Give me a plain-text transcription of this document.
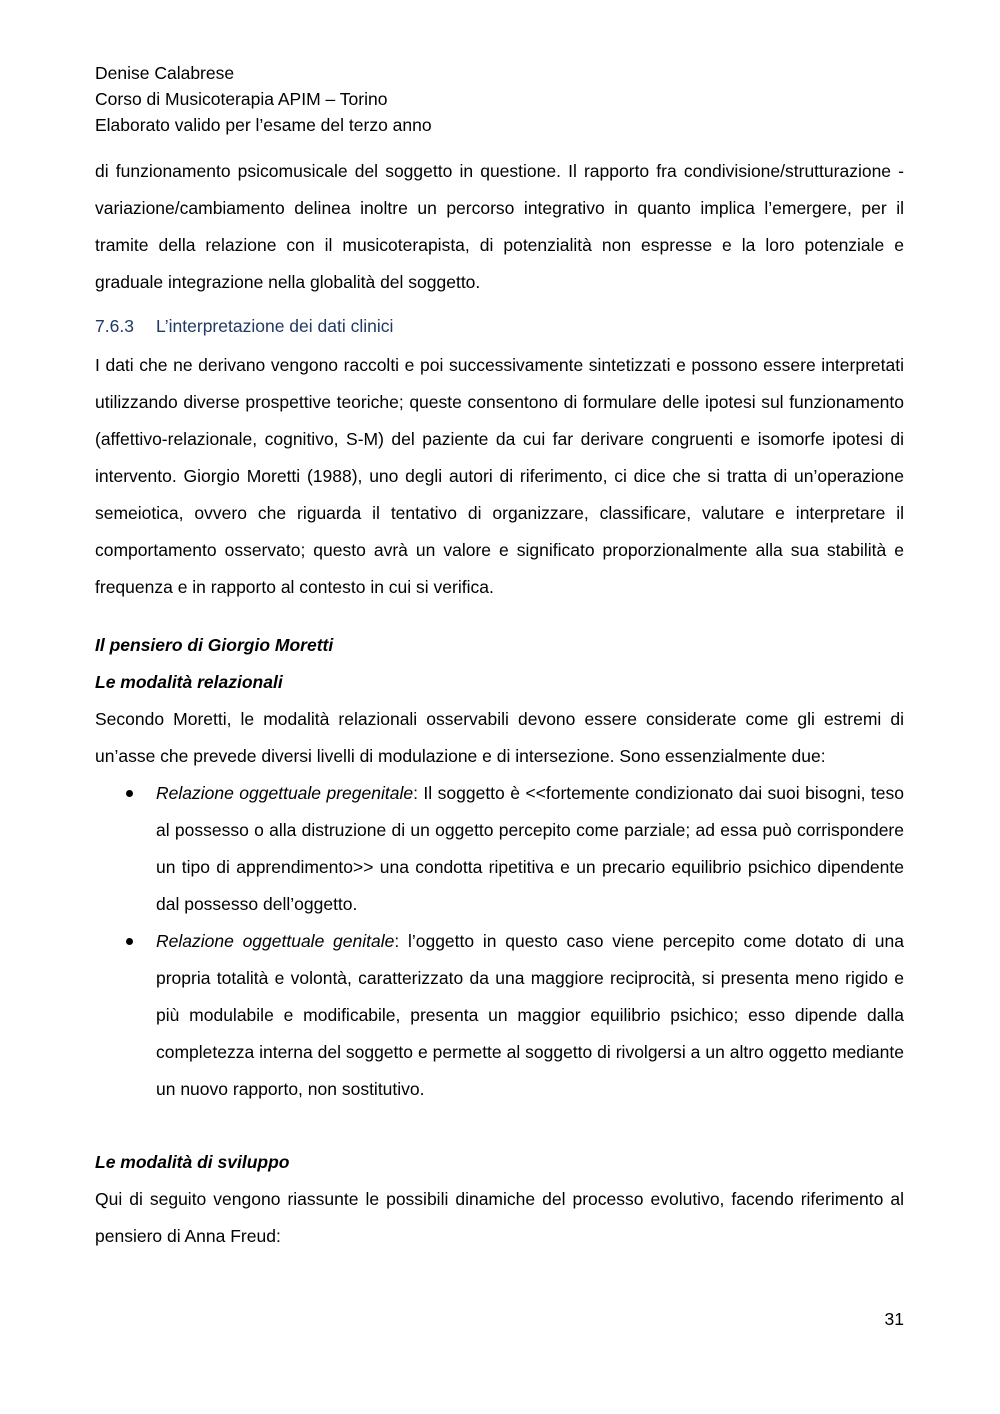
Denise Calabrese
Corso di Musicoterapia APIM – Torino
Elaborato valido per l’esame del terzo anno

di funzionamento psicomusicale del soggetto in questione. Il rapporto fra condivisione/strutturazione - variazione/cambiamento delinea inoltre un percorso integrativo in quanto implica l’emergere, per il tramite della relazione con il musicoterapista, di potenzialità non espresse e la loro potenziale e graduale integrazione nella globalità del soggetto.

7.6.3 L’interpretazione dei dati clinici

I dati che ne derivano vengono raccolti e poi successivamente sintetizzati e possono essere interpretati utilizzando diverse prospettive teoriche; queste consentono di formulare delle ipotesi sul funzionamento (affettivo-relazionale, cognitivo, S-M) del paziente da cui far derivare congruenti e isomorfe ipotesi di intervento. Giorgio Moretti (1988), uno degli autori di riferimento, ci dice che si tratta di un’operazione semeiotica, ovvero che riguarda il tentativo di organizzare, classificare, valutare e interpretare il comportamento osservato; questo avrà un valore e significato proporzionalmente alla sua stabilità e frequenza e in rapporto al contesto in cui si verifica.

Il pensiero di Giorgio Moretti

Le modalità relazionali

Secondo Moretti, le modalità relazionali osservabili devono essere considerate come gli estremi di un’asse che prevede diversi livelli di modulazione e di intersezione. Sono essenzialmente due:

Relazione oggettuale pregenitale: Il soggetto è <<fortemente condizionato dai suoi bisogni, teso al possesso o alla distruzione di un oggetto percepito come parziale; ad essa può corrispondere un tipo di apprendimento>> una condotta ripetitiva e un precario equilibrio psichico dipendente dal possesso dell’oggetto.
Relazione oggettuale genitale: l’oggetto in questo caso viene percepito come dotato di una propria totalità e volontà, caratterizzato da una maggiore reciprocità, si presenta meno rigido e più modulabile e modificabile, presenta un maggior equilibrio psichico; esso dipende dalla completezza interna del soggetto e permette al soggetto di rivolgersi a un altro oggetto mediante un nuovo rapporto, non sostitutivo.

Le modalità di sviluppo

Qui di seguito vengono riassunte le possibili dinamiche del processo evolutivo, facendo riferimento al pensiero di Anna Freud:

31
